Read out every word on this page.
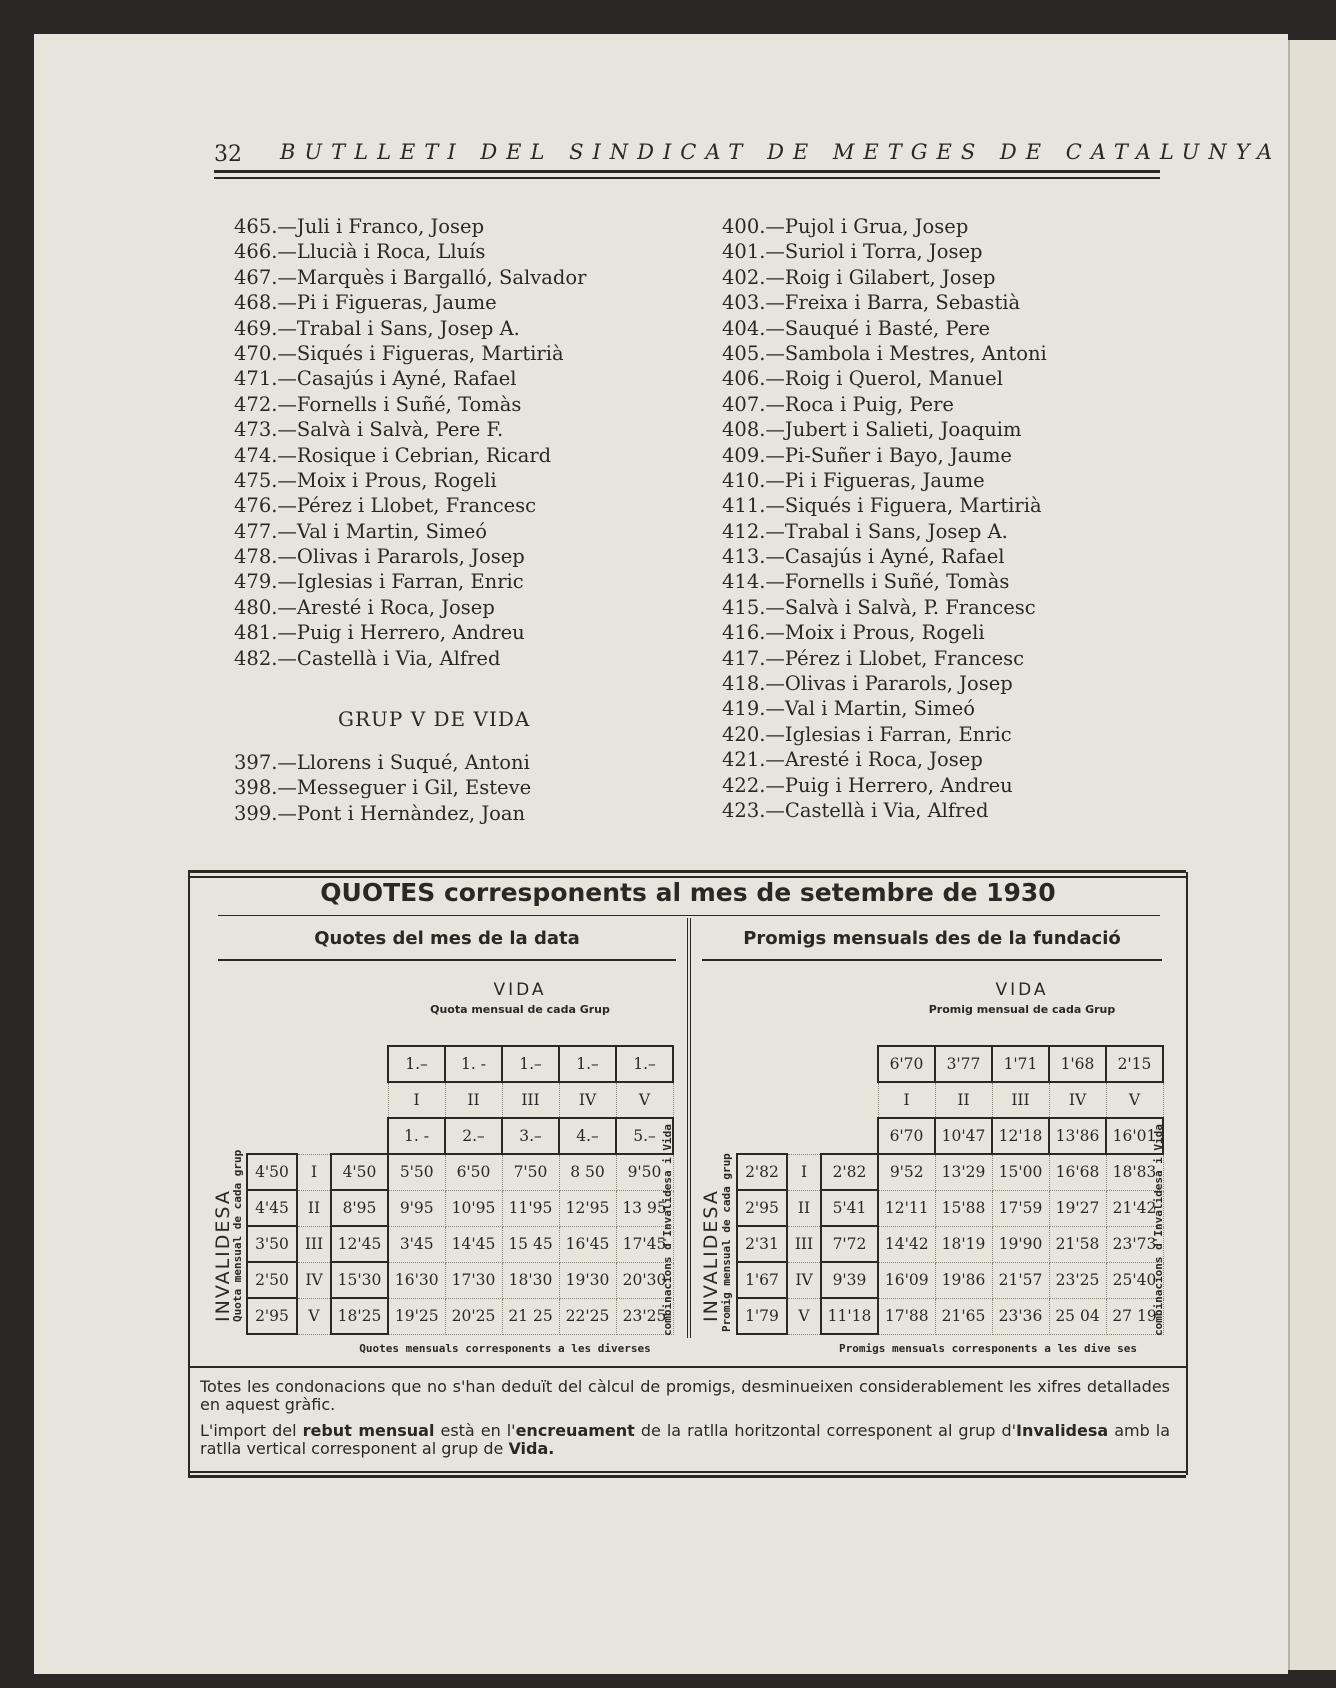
32 BUTLLETI DEL SINDICAT DE METGES DE CATALUNYA
465.—Juli i Franco, Josep
466.—Llucià i Roca, Lluís
467.—Marquès i Bargalló, Salvador
468.—Pi i Figueras, Jaume
469.—Trabal i Sans, Josep A.
470.—Siqués i Figueras, Martirià
471.—Casajús i Ayné, Rafael
472.—Fornells i Suñé, Tomàs
473.—Salvà i Salvà, Pere F.
474.—Rosique i Cebrian, Ricard
475.—Moix i Prous, Rogeli
476.—Pérez i Llobet, Francesc
477.—Val i Martin, Simeó
478.—Olivas i Pararols, Josep
479.—Iglesias i Farran, Enric
480.—Aresté i Roca, Josep
481.—Puig i Herrero, Andreu
482.—Castellà i Via, Alfred
GRUP V DE VIDA
397.—Llorens i Suqué, Antoni
398.—Messeguer i Gil, Esteve
399.—Pont i Hernàndez, Joan
400.—Pujol i Grua, Josep
401.—Suriol i Torra, Josep
402.—Roig i Gilabert, Josep
403.—Freixa i Barra, Sebastià
404.—Sauqué i Basté, Pere
405.—Sambola i Mestres, Antoni
406.—Roig i Querol, Manuel
407.—Roca i Puig, Pere
408.—Jubert i Salieti, Joaquim
409.—Pi-Suñer i Bayo, Jaume
410.—Pi i Figueras, Jaume
411.—Siqués i Figuera, Martirià
412.—Trabal i Sans, Josep A.
413.—Casajús i Ayné, Rafael
414.—Fornells i Suñé, Tomàs
415.—Salvà i Salvà, P. Francesc
416.—Moix i Prous, Rogeli
417.—Pérez i Llobet, Francesc
418.—Olivas i Pararols, Josep
419.—Val i Martin, Simeó
420.—Iglesias i Farran, Enric
421.—Aresté i Roca, Josep
422.—Puig i Herrero, Andreu
423.—Castellà i Via, Alfred
QUOTES corresponents al mes de setembre de 1930
Quotes del mes de la data	Promigs mensuals des de la fundació
VIDA
Quota mensual de cada Grup
VIDA
Promig mensual de cada Grup
			1.–	1. -	1.–	1.–	1.–
			I	II	III	IV	V
			1. -	2.–	3.–	4.–	5.–
4'50	I	4'50	5'50	6'50	7'50	8 50	9'50
4'45	II	8'95	9'95	10'95	11'95	12'95	13 95
3'50	III	12'45	3'45	14'45	15 45	16'45	17'45
2'50	IV	15'30	16'30	17'30	18'30	19'30	20'30
2'95	V	18'25	19'25	20'25	21 25	22'25	23'25
			6'70	3'77	1'71	1'68	2'15
			I	II	III	IV	V
			6'70	10'47	12'18	13'86	16'01
2'82	I	2'82	9'52	13'29	15'00	16'68	18'83
2'95	II	5'41	12'11	15'88	17'59	19'27	21'42
2'31	III	7'72	14'42	18'19	19'90	21'58	23'73
1'67	IV	9'39	16'09	19'86	21'57	23'25	25'40
1'79	V	11'18	17'88	21'65	23'36	25 04	27 19
INVALIDESA
Quota mensual de cada grup	combinacions d'Invalidesa i Vida
Quotes mensuals corresponents a les diverses
INVALIDESA
Promig mensual de cada grup	combinacions d'Invalidesa i Vida
Promigs mensuals corresponents a les dive ses

Totes les condonacions que no s'han deduït del càlcul de promigs, desminueixen considerablement les xifres detallades en aquest gràfic.

L'import del rebut mensual està en l'encreuament de la ratlla horitzontal corresponent al grup d'Invalidesa amb la ratlla vertical corresponent al grup de Vida.
